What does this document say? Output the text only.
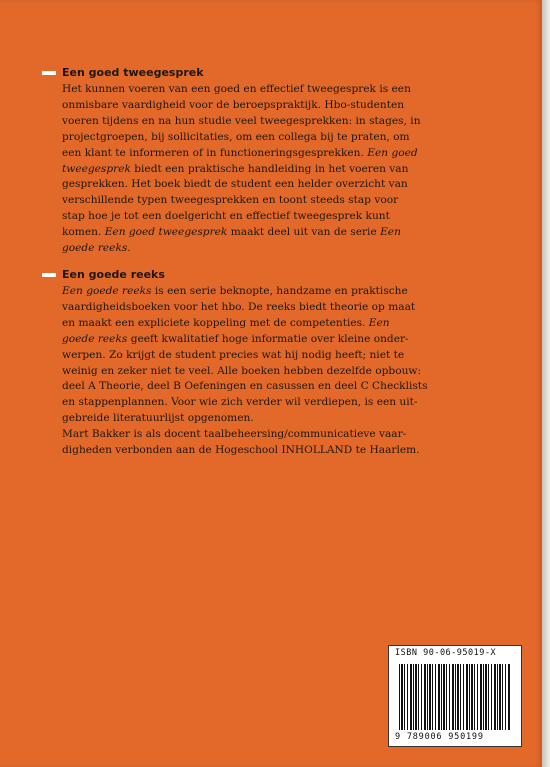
Een goed tweegesprek

Het kunnen voeren van een goed en effectief tweegesprek is een
onmisbare vaardigheid voor de beroepspraktijk. Hbo-studenten
voeren tijdens en na hun studie veel tweegesprekken: in stages, in
projectgroepen, bij sollicitaties, om een collega bij te praten, om
een klant te informeren of in functioneringsgesprekken. Een goed
tweegesprek biedt een praktische handleiding in het voeren van
gesprekken. Het boek biedt de student een helder overzicht van
verschillende typen tweegesprekken en toont steeds stap voor
stap hoe je tot een doelgericht en effectief tweegesprek kunt
komen. Een goed tweegesprek maakt deel uit van de serie Een
goede reeks.

Een goede reeks

Een goede reeks is een serie beknopte, handzame en praktische
vaardigheidsboeken voor het hbo. De reeks biedt theorie op maat
en maakt een expliciete koppeling met de competenties. Een
goede reeks geeft kwalitatief hoge informatie over kleine onder-
werpen. Zo krijgt de student precies wat hij nodig heeft; niet te
weinig en zeker niet te veel. Alle boeken hebben dezelfde opbouw:
deel A Theorie, deel B Oefeningen en casussen en deel C Checklists
en stappenplannen. Voor wie zich verder wil verdiepen, is een uit-
gebreide literatuurlijst opgenomen.

Mart Bakker is als docent taalbeheersing/communicatieve vaar-
digheden verbonden aan de Hogeschool INHOLLAND te Haarlem.

ISBN 90-06-95019-X
9 789006 950199
